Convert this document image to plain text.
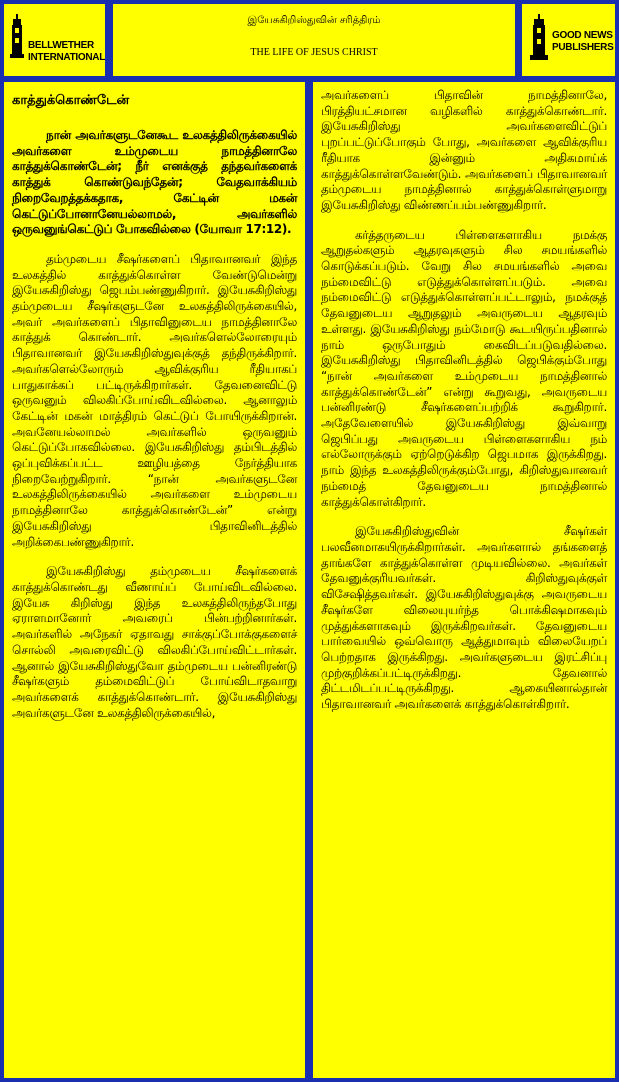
BELLWETHER
INTERNATIONAL
இயேசுகிறிஸ்துவின் சரித்திரம்
THE LIFE OF JESUS CHRIST
GOOD NEWS
PUBLISHERS
காத்துக்கொண்டேன்

நான் அவர்களுடனேகூட உலகத்திலிருக்கையில் அவர்களை உம்முடைய நாமத்தினாலே காத்துக்கொண்டேன்; நீர் எனக்குத் தந்தவர்களைக் காத்துக் கொண்டுவந்தேன்; வேதவாக்கியம் நிறைவேறத்தக்கதாக, கேட்டின் மகன் கெட்டுப்போனானேயல்லாமல், அவர்களில் ஒருவனுங்கெட்டுப் போகவில்லை (யோவா 17:12).

தம்முடைய சீஷர்களைப் பிதாவானவர் இந்த உலகத்தில் காத்துக்கொள்ள வேண்டுமென்று இயேசுகிறிஸ்து ஜெபம்பண்ணுகிறார். இயேசுகிறிஸ்து தம்முடைய சீஷர்களுடனே உலகத்திலிருக்கையில், அவர் அவர்களைப் பிதாவினுடைய நாமத்தினாலே காத்துக் கொண்டார். அவர்களெல்லோரையும் பிதாவானவர் இயேசுகிறிஸ்துவுக்குத் தந்திருக்கிறார். அவர்களெல்லோரும் ஆவிக்குரிய ரீதியாகப் பாதுகாக்கப் பட்டிருக்கிறார்கள். தேவனைவிட்டு ஒருவனும் விலகிப்போய்விடவில்லை. ஆனாலும் கேட்டின் மகன் மாத்திரம் கெட்டுப் போயிருக்கிறான். அவனேயல்லாமல் அவர்களில் ஒருவனும் கெட்டுப்போகவில்லை. இயேசுகிறிஸ்து தம்பிடத்தில் ஒப்புவிக்கப்பட்ட ஊழியத்தை நேர்த்தியாக நிறைவேற்றுகிறார். “நான் அவர்களுடனே உலகத்திலிருக்கையில் அவர்களை உம்முடைய நாமத்தினாலே காத்துக்கொண்டேன்” என்று இயேசுகிறிஸ்து பிதாவினிடத்தில் அறிக்கைபண்ணுகிறார்.

இயேசுகிறிஸ்து தம்முடைய சீஷர்களைக் காத்துக்கொண்டது வீணாய்ப் போய்விடவில்லை. இயேசு கிறிஸ்து இந்த உலகத்திலிருந்தபோது ஏராளமானோர் அவரைப் பின்பற்றினார்கள். அவர்களில் அநேகர் ஏதாவது சாக்குப்போக்குகளைச் சொல்லி அவரைவிட்டு விலகிப்போய்விட்டார்கள். ஆனால் இயேசுகிறிஸ்துவோ தம்முடைய பன்னிரண்டு சீஷர்களும் தம்மைவிட்டுப் போய்விடாதவாறு அவர்களைக் காத்துக்கொண்டார். இயேசுகிறிஸ்து அவர்களுடனே உலகத்திலிருக்கையில்,

அவர்களைப் பிதாவின் நாமத்தினாலே, பிரத்தியட்சமான வழிகளில் காத்துக்கொண்டார். இயேசுகிறிஸ்து அவர்களைவிட்டுப் புறப்பட்டுப்போகும் போது, அவர்களை ஆவிக்குரிய ரீதியாக இன்னும் அதிகமாய்க் காத்துக்கொள்ளவேண்டும். அவர்களைப் பிதாவானவர் தம்முடைய நாமத்தினால் காத்துக்கொள்ளுமாறு இயேசுகிறிஸ்து விண்ணப்பம்பண்ணுகிறார்.

கர்த்தருடைய பிள்ளைகளாகிய நமக்கு ஆறுதல்களும் ஆதரவுகளும் சில சமயங்களில் கொடுக்கப்படும். வேறு சில சமயங்களில் அவை நம்மைவிட்டு எடுத்துக்கொள்ளப்படும். அவை நம்மைவிட்டு எடுத்துக்கொள்ளப்பட்டாலும், நமக்குத் தேவனுடைய ஆறுதலும் அவருடைய ஆதரவும் உள்ளது. இயேசுகிறிஸ்து நம்மோடு கூடயிருப்பதினால் நாம் ஒருபோதும் கைவிடப்படுவதில்லை. இயேசுகிறிஸ்து பிதாவினிடத்தில் ஜெபிக்கும்போது “நான் அவர்களை உம்முடைய நாமத்தினால் காத்துக்கொண்டேன்” என்று கூறுவது, அவருடைய பன்னிரண்டு சீஷர்களைப்பற்றிக் கூறுகிறார். அதேவேளையில் இயேசுகிறிஸ்து இவ்வாறு ஜெபிப்பது அவருடைய பிள்ளைகளாகிய நம் எல்லோருக்கும் ஏற்றெடுக்கிற ஜெபமாக இருக்கிறது. நாம் இந்த உலகத்திலிருக்கும்போது, கிறிஸ்துவானவர் நம்மைத் தேவனுடைய நாமத்தினால் காத்துக்கொள்கிறார்.

இயேசுகிறிஸ்துவின் சீஷர்கள் பலவீனமாகயிருக்கிறார்கள். அவர்களால் தங்களைத் தாங்களே காத்துக்கொள்ள முடியவில்லை. அவர்கள் தேவனுக்குரியவர்கள். கிறிஸ்துவுக்குள் விசேஷித்தவர்கள். இயேசுகிறிஸ்துவுக்கு அவருடைய சீஷர்களே விலையுயர்ந்த பொக்கிஷமாகவும் முத்துக்களாகவும் இருக்கிறவர்கள். தேவனுடைய பார்வையில் ஒவ்வொரு ஆத்துமாவும் விலையேறப் பெற்றதாக இருக்கிறது. அவர்களுடைய இரட்சிப்பு முற்குறிக்கப்பட்டிருக்கிறது. தேவனால் திட்டமிடப்பட்டிருக்கிறது. ஆகையினால்தான் பிதாவானவர் அவர்களைக் காத்துக்கொள்கிறார்.
